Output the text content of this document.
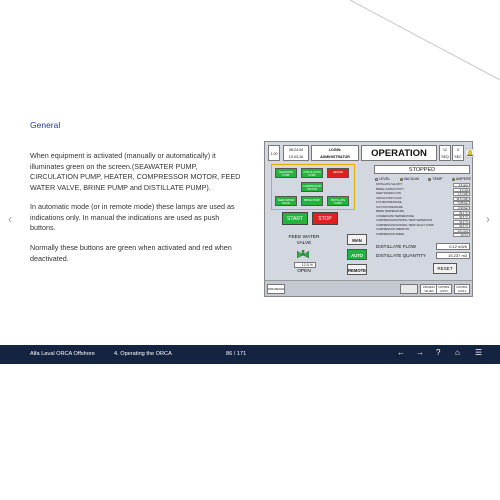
General

When equipment is activated (manually or automatically) it illuminates green on the screen.(SEAWATER PUMP, CIRCULATION PUMP, HEATER, COMPRESSOR MOTOR, FEED WATER VALVE, BRINE PUMP and DISTILLATE PUMP).

In automatic mode (or in remote mode) these lamps are used as indications only. In manual the indications are used as push buttons.

Normally these buttons are green when activated and red when deactivated.

‹	›
1.00
08:24:44
19-03-16
LOGIN:
ADMINISTRATOR	OPERATION	12
SEQ
0
SEC
SEAWATER PUMP
CIRCULATION PUMP
HEATER
COMPRESSOR MOTOR
FEED WATER VALVE
BRINE PUMP	DISTILLATE PUMP
START	STOP
FEED WATER VALVE
12.5 %
OPEN
MAN
AUTO
REMOTE
STOPPED
LEVEL	VACUUM	TEMP	AMPERE
DISTILLATE SALINITY	4.9 ppm
BRINE CONDUCTIVITY	0.4 mS
FEED WATER FLOW	1.5 m3/h
CIRCULATION FLOW	34.5 m3/h
SYSTEM PRESSURE	-0.85 bar
SUCTION PRESSURE	-0.93 bar
BRINE TEMPERATURE	60.1 °C
CONDENSATE TEMPERATURE	60.5 °C
COMPRESSOR RUNNING TEMP. SEPARATOR	62.3 °C
COMPRESSOR RUNNING TEMP. SHAFT COMP.	62.3 °C
COMPRESSOR VIBRATION	1.0 mm/s
COMPRESSOR SPEED	24.3 A
DISTILLATE FLOW	0.12 m3/h
DISTILLATE QUANTITY	15.237 m3
RESET
PARAMETER
PROCESS VALUES
CONTROL LOOP 1
CONTROL LOOP 2
Alfa Laval ORCA Offshore	4. Operating the ORCA	86 / 171	← → ? ⌂ ☰
